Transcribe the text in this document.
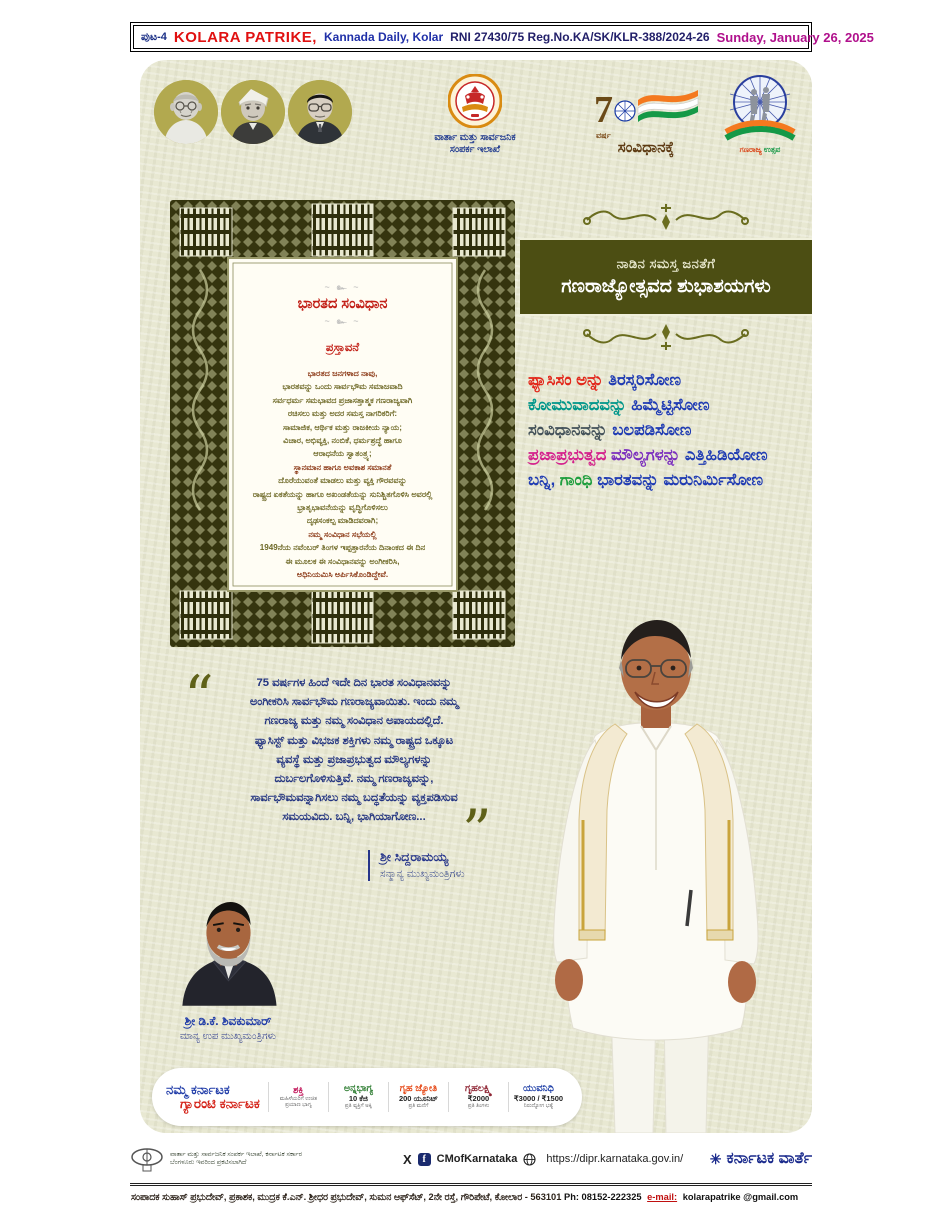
ಪುಟ-4 KOLARA PATRIKE, Kannada Daily, Kolar RNI 27430/75 Reg.No.KA/SK/KLR-388/2024-26 Sunday, January 26, 2025
ವಾರ್ತಾ ಮತ್ತು ಸಾರ್ವಜನಿಕ
ಸಂಪರ್ಕ ಇಲಾಖೆ
7
ವರ್ಷ
ಸಂವಿಧಾನಕ್ಕೆ	ಗಣರಾಜ್ಯ ಉತ್ಸವ
~ ๛ ~
ಭಾರತದ ಸಂವಿಧಾನ
~ ๛ ~
ಪ್ರಸ್ತಾವನೆ
ಭಾರತದ ಜನಗಳಾದ ನಾವು,
ಭಾರತವನ್ನು ಒಂದು ಸಾರ್ವಭೌಮ ಸಮಾಜವಾದಿ
ಸರ್ವಧರ್ಮ ಸಮಭಾವದ ಪ್ರಜಾಸತ್ತಾತ್ಮಕ ಗಣರಾಜ್ಯವಾಗಿ
ರಚಿಸಲು ಮತ್ತು ಅದರ ಸಮಸ್ತ ನಾಗರಿಕರಿಗೆ:
ಸಾಮಾಜಿಕ, ಆರ್ಥಿಕ ಮತ್ತು ರಾಜಕೀಯ ನ್ಯಾಯ;
ವಿಚಾರ, ಅಭಿವ್ಯಕ್ತಿ, ನಂಬಿಕೆ, ಧರ್ಮಶ್ರದ್ಧೆ ಹಾಗೂ
ಆರಾಧನೆಯ ಸ್ವಾತಂತ್ರ್ಯ;
ಸ್ಥಾನಮಾನ ಹಾಗೂ ಅವಕಾಶ ಸಮಾನತೆ
ದೊರೆಯುವಂತೆ ಮಾಡಲು ಮತ್ತು ವ್ಯಕ್ತಿ ಗೌರವವನ್ನು
ರಾಷ್ಟ್ರದ ಏಕತೆಯನ್ನು ಹಾಗೂ ಅಖಂಡತೆಯನ್ನು ಸುನಿಶ್ಚಿತಗೊಳಿಸಿ ಅವರಲ್ಲಿ
ಭ್ರಾತೃಭಾವನೆಯನ್ನು ವೃದ್ಧಿಗೊಳಿಸಲು
ದೃಢಸಂಕಲ್ಪ ಮಾಡಿದವರಾಗಿ;
ನಮ್ಮ ಸಂವಿಧಾನ ಸಭೆಯಲ್ಲಿ
1949ನೆಯ ನವೆಂಬರ್ ತಿಂಗಳ ಇಪ್ಪತ್ತಾರನೆಯ ದಿನಾಂಕದ ಈ ದಿನ
ಈ ಮೂಲಕ ಈ ಸಂವಿಧಾನವನ್ನು ಅಂಗೀಕರಿಸಿ,
ಅಧಿನಿಯಮಿಸಿ ಅರ್ಪಿಸಿಕೊಂಡಿದ್ದೇವೆ.
ನಾಡಿನ ಸಮಸ್ತ ಜನತೆಗೆ
ಗಣರಾಜ್ಯೋತ್ಸವದ ಶುಭಾಶಯಗಳು
ಫ್ಯಾಸಿಸಂ ಅನ್ನು ತಿರಸ್ಕರಿಸೋಣ
ಕೋಮುವಾದವನ್ನು ಹಿಮ್ಮೆಟ್ಟಿಸೋಣ
ಸಂವಿಧಾನವನ್ನು ಬಲಪಡಿಸೋಣ
ಪ್ರಜಾಪ್ರಭುತ್ವದ ಮೌಲ್ಯಗಳನ್ನು ಎತ್ತಿಹಿಡಿಯೋಣ
ಬನ್ನಿ, ಗಾಂಧಿ ಭಾರತವನ್ನು ಮರುನಿರ್ಮಿಸೋಣ
“	75 ವರ್ಷಗಳ ಹಿಂದೆ ಇದೇ ದಿನ ಭಾರತ ಸಂವಿಧಾನವನ್ನು
ಅಂಗೀಕರಿಸಿ ಸಾರ್ವಭೌಮ ಗಣರಾಜ್ಯವಾಯಿತು. ಇಂದು ನಮ್ಮ
ಗಣರಾಜ್ಯ ಮತ್ತು ನಮ್ಮ ಸಂವಿಧಾನ ಅಪಾಯದಲ್ಲಿದೆ.
ಫ್ಯಾಸಿಸ್ಟ್ ಮತ್ತು ವಿಭಜಕ ಶಕ್ತಿಗಳು ನಮ್ಮ ರಾಷ್ಟ್ರದ ಒಕ್ಕೂಟ
ವ್ಯವಸ್ಥೆ ಮತ್ತು ಪ್ರಜಾಪ್ರಭುತ್ವದ ಮೌಲ್ಯಗಳನ್ನು
ದುರ್ಬಲಗೊಳಿಸುತ್ತಿವೆ. ನಮ್ಮ ಗಣರಾಜ್ಯವನ್ನು,
ಸಾರ್ವಭೌಮವನ್ನಾಗಿಸಲು ನಮ್ಮ ಬದ್ಧತೆಯನ್ನು ವ್ಯಕ್ತಪಡಿಸುವ
ಸಮಯವಿದು. ಬನ್ನಿ, ಭಾಗಿಯಾಗೋಣ... ”
ಶ್ರೀ ಸಿದ್ದರಾಮಯ್ಯ
ಸನ್ಮಾನ್ಯ ಮುಖ್ಯಮಂತ್ರಿಗಳು
ಶ್ರೀ ಡಿ.ಕೆ. ಶಿವಕುಮಾರ್
ಮಾನ್ಯ ಉಪ ಮುಖ್ಯಮಂತ್ರಿಗಳು
ನಮ್ಮ ಕರ್ನಾಟಕ
ಗ್ಯಾರಂಟಿ ಕರ್ನಾಟಕ
ಶಕ್ತಿ
ಮಹಿಳೆಯರಿಗೆ ಉಚಿತ ಪ್ರಯಾಣ ಭಾಗ್ಯ
ಅನ್ನಭಾಗ್ಯ
10 ಕೆಜಿ
ಪ್ರತಿ ವ್ಯಕ್ತಿಗೆ ಅಕ್ಕಿ
ಗೃಹ ಜ್ಯೋತಿ
200 ಯೂನಿಟ್
ಪ್ರತಿ ಮನೆಗೆ
ಗೃಹಲಕ್ಷ್ಮಿ
₹2000
ಪ್ರತಿ ತಿಂಗಳು
ಯುವನಿಧಿ
₹3000 / ₹1500
ನಿರುದ್ಯೋಗ ಭತ್ಯೆ
ವಾರ್ತಾ ಮತ್ತು ಸಾರ್ವಜನಿಕ ಸಂಪರ್ಕ ಇಲಾಖೆ, ಕರ್ನಾಟಕ ಸರ್ಕಾರ
ಬೆಂಗಳೂರು ಇವರಿಂದ ಪ್ರಕಟಿಸಲಾಗಿದೆ	X	f CMofKarnataka	https://dipr.karnataka.gov.in/ ✳ ಕರ್ನಾಟಕ ವಾರ್ತೆ
ಸಂಪಾದಕ ಸುಹಾಸ್ ಪ್ರಭುದೇವ್, ಪ್ರಕಾಶಕ, ಮುದ್ರಕ ಕೆ.ಎನ್. ಶ್ರೀಧರ ಪ್ರಭುದೇವ್, ಸುಮನ ಆಫ್‌ಸೆಟ್, 2ನೇ ರಸ್ತೆ, ಗೌರಿಪೇಟೆ, ಕೋಲಾರ - 563101 Ph: 08152-222325 e-mail: kolarapatrike @gmail.com
